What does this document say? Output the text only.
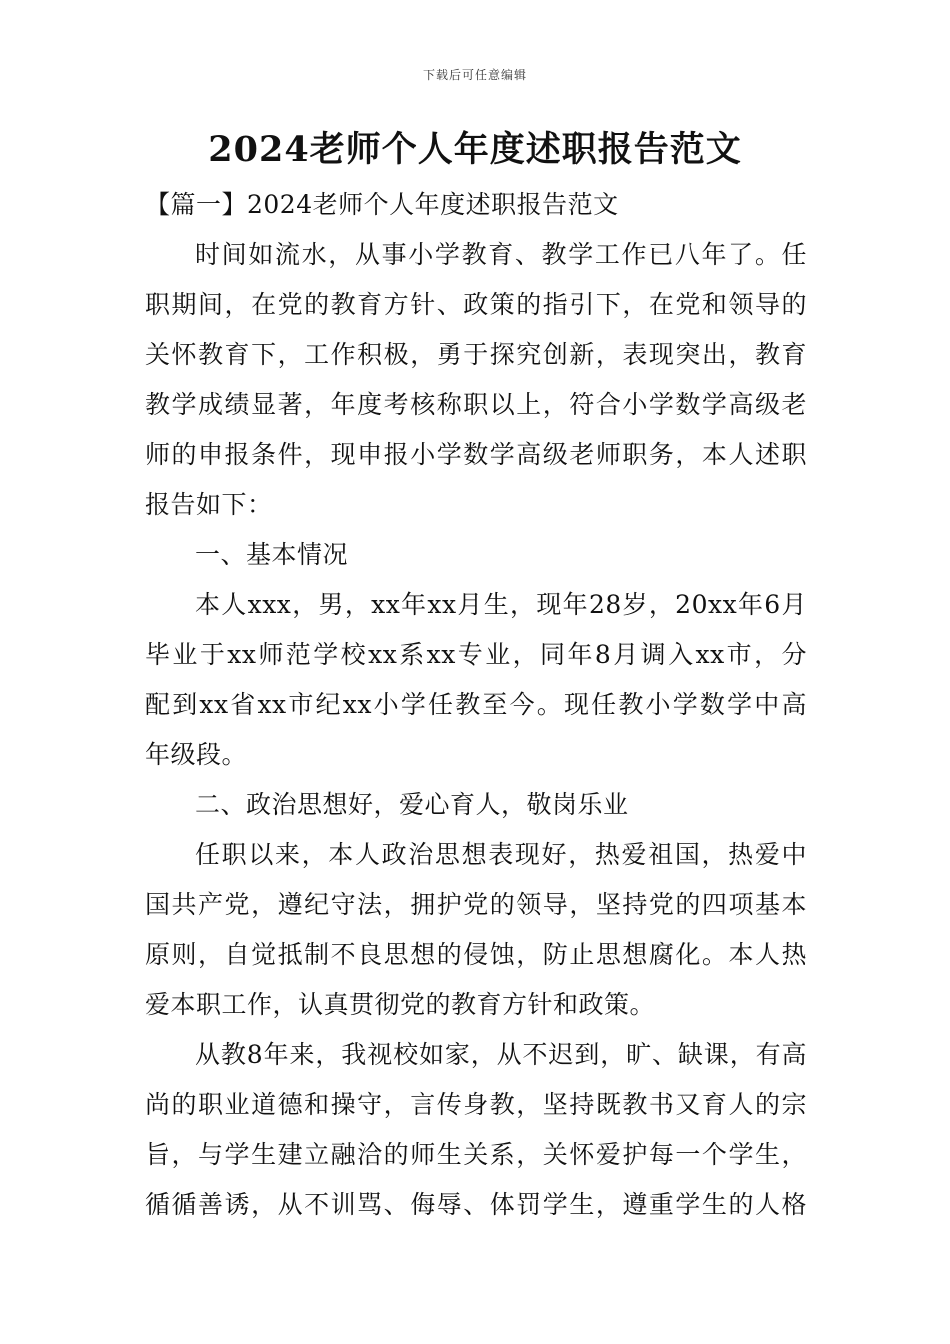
下载后可任意编辑
2024老师个人年度述职报告范文
【篇一】2024老师个人年度述职报告范文
时间如流水，从事小学教育、教学工作已八年了。任
职期间，在党的教育方针、政策的指引下，在党和领导的
关怀教育下，工作积极，勇于探究创新，表现突出，教育
教学成绩显著，年度考核称职以上，符合小学数学高级老
师的申报条件，现申报小学数学高级老师职务，本人述职
报告如下：
一、基本情况
本人xxx，男，xx年xx月生，现年28岁，20xx年6月
毕业于xx师范学校xx系xx专业，同年8月调入xx市，分
配到xx省xx市纪xx小学任教至今。现任教小学数学中高
年级段。
二、政治思想好，爱心育人，敬岗乐业
任职以来，本人政治思想表现好，热爱祖国，热爱中
国共产党，遵纪守法，拥护党的领导，坚持党的四项基本
原则，自觉抵制不良思想的侵蚀，防止思想腐化。本人热
爱本职工作，认真贯彻党的教育方针和政策。
从教8年来，我视校如家，从不迟到，旷、缺课，有高
尚的职业道德和操守，言传身教，坚持既教书又育人的宗
旨，与学生建立融洽的师生关系，关怀爱护每一个学生，
循循善诱，从不训骂、侮辱、体罚学生，遵重学生的人格
